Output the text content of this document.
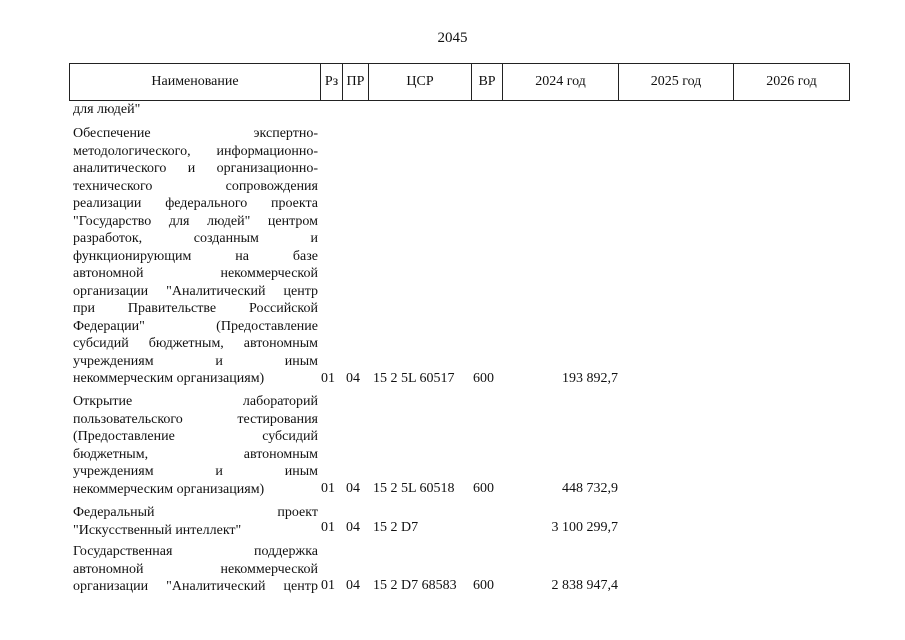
2045
Наименование	Рз	ПР	ЦСР	ВР	2024 год	2025 год	2026 год
для людей"
Обеспечение экспертно-
методологического, информационно-
аналитического и организационно-
технического сопровождения
реализации федерального проекта
"Государство для людей" центром
разработок, созданным и
функционирующим на базе
автономной некоммерческой
организации "Аналитический центр
при Правительстве Российской
Федерации" (Предоставление
субсидий бюджетным, автономным
учреждениям и иным
некоммерческим организациям)	01 04 15 2 5L 60517 600	193 892,7
Открытие лабораторий
пользовательского тестирования
(Предоставление субсидий
бюджетным, автономным
учреждениям и иным
некоммерческим организациям)	01 04 15 2 5L 60518 600	448 732,9
Федеральный проект
"Искусственный интеллект"	01 04 15 2 D7	3 100 299,7
Государственная поддержка
автономной некоммерческой
организации "Аналитический центр 01 04 15 2 D7 68583 600	2 838 947,4
